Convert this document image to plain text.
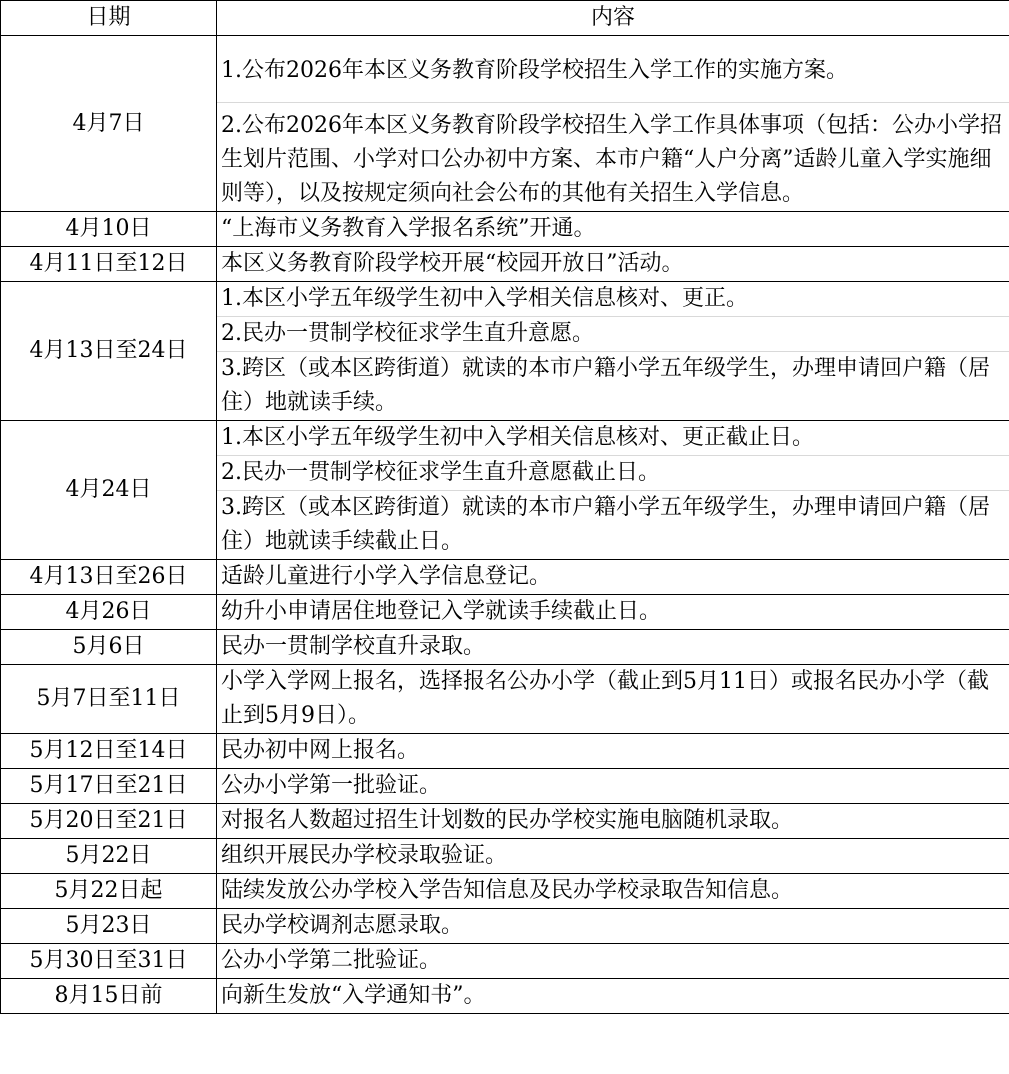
日期	内容
4月7日	1.公布2026年本区义务教育阶段学校招生入学工作的实施方案。
2.公布2026年本区义务教育阶段学校招生入学工作具体事项（包括：公办小学招生划片范围、小学对口公办初中方案、本市户籍“人户分离”适龄儿童入学实施细则等），以及按规定须向社会公布的其他有关招生入学信息。

4月10日	“上海市义务教育入学报名系统”开通。

4月11日至12日	本区义务教育阶段学校开展“校园开放日”活动。

4月13日至24日	1.本区小学五年级学生初中入学相关信息核对、更正。
2.民办一贯制学校征求学生直升意愿。
3.跨区（或本区跨街道）就读的本市户籍小学五年级学生，办理申请回户籍（居住）地就读手续。

4月24日	1.本区小学五年级学生初中入学相关信息核对、更正截止日。
2.民办一贯制学校征求学生直升意愿截止日。
3.跨区（或本区跨街道）就读的本市户籍小学五年级学生，办理申请回户籍（居住）地就读手续截止日。

4月13日至26日	适龄儿童进行小学入学信息登记。

4月26日	幼升小申请居住地登记入学就读手续截止日。

5月6日	民办一贯制学校直升录取。

5月7日至11日	小学入学网上报名，选择报名公办小学（截止到5月11日）或报名民办小学（截止到5月9日）。

5月12日至14日	民办初中网上报名。

5月17日至21日	公办小学第一批验证。

5月20日至21日	对报名人数超过招生计划数的民办学校实施电脑随机录取。

5月22日	组织开展民办学校录取验证。

5月22日起	陆续发放公办学校入学告知信息及民办学校录取告知信息。

5月23日	民办学校调剂志愿录取。

5月30日至31日	公办小学第二批验证。

8月15日前	向新生发放“入学通知书”。
